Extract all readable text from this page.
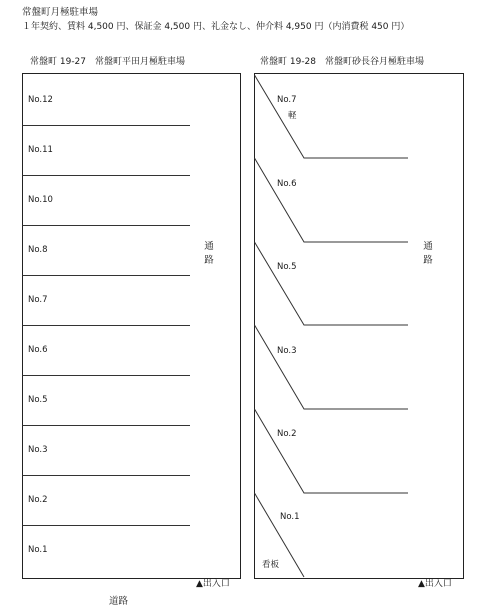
常盤町月極駐車場
１年契約、賃料 4,500 円、保証金 4,500 円、礼金なし、仲介料 4,950 円（内消費税 450 円）
常盤町 19-27　常盤町平田月極駐車場
No.12
No.11
No.10
No.8
No.7
No.6
No.5
No.3
No.2
No.1
通
路
▲出入口
常盤町 19-28　常盤町砂長谷月極駐車場
No.7
軽
No.6
No.5
No.3
No.2
No.1
看板
通
路
▲出入口
道路
